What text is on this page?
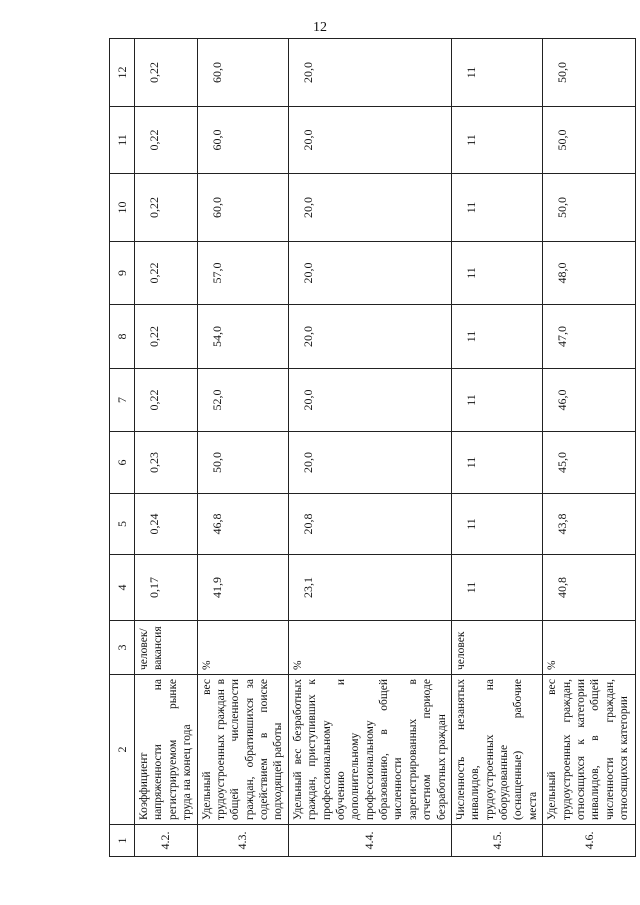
12
1	2	3	4	5	6	7	8	9	10	11	12
4.2.	Коэффициент напряженности на регистрируемом рынке труда на конец года	человек/ вакансия	0,17	0,24	0,23	0,22	0,22	0,22	0,22	0,22	0,22
4.3.	Удельный вес трудоустроенных граждан в общей численности граждан, обратившихся за содействием в поиске подходящей работы	%	41,9	46,8	50,0	52,0	54,0	57,0	60,0	60,0	60,0
4.4.	Удельный вес безработных граждан, приступивших к профессиональному обучению и дополнительному профессиональному образованию, в общей численности зарегистрированных в отчетном периоде безработных граждан	%	23,1	20,8	20,0	20,0	20,0	20,0	20,0	20,0	20,0
4.5.	Численность незанятых инвалидов, трудоустроенных на оборудованные (оснащенные) рабочие места	человек	11	11	11	11	11	11	11	11	11
4.6.	Удельный вес трудоустроенных граждан, относящихся к категории инвалидов, в общей численности граждан, относящихся к категории	%	40,8	43,8	45,0	46,0	47,0	48,0	50,0	50,0	50,0
